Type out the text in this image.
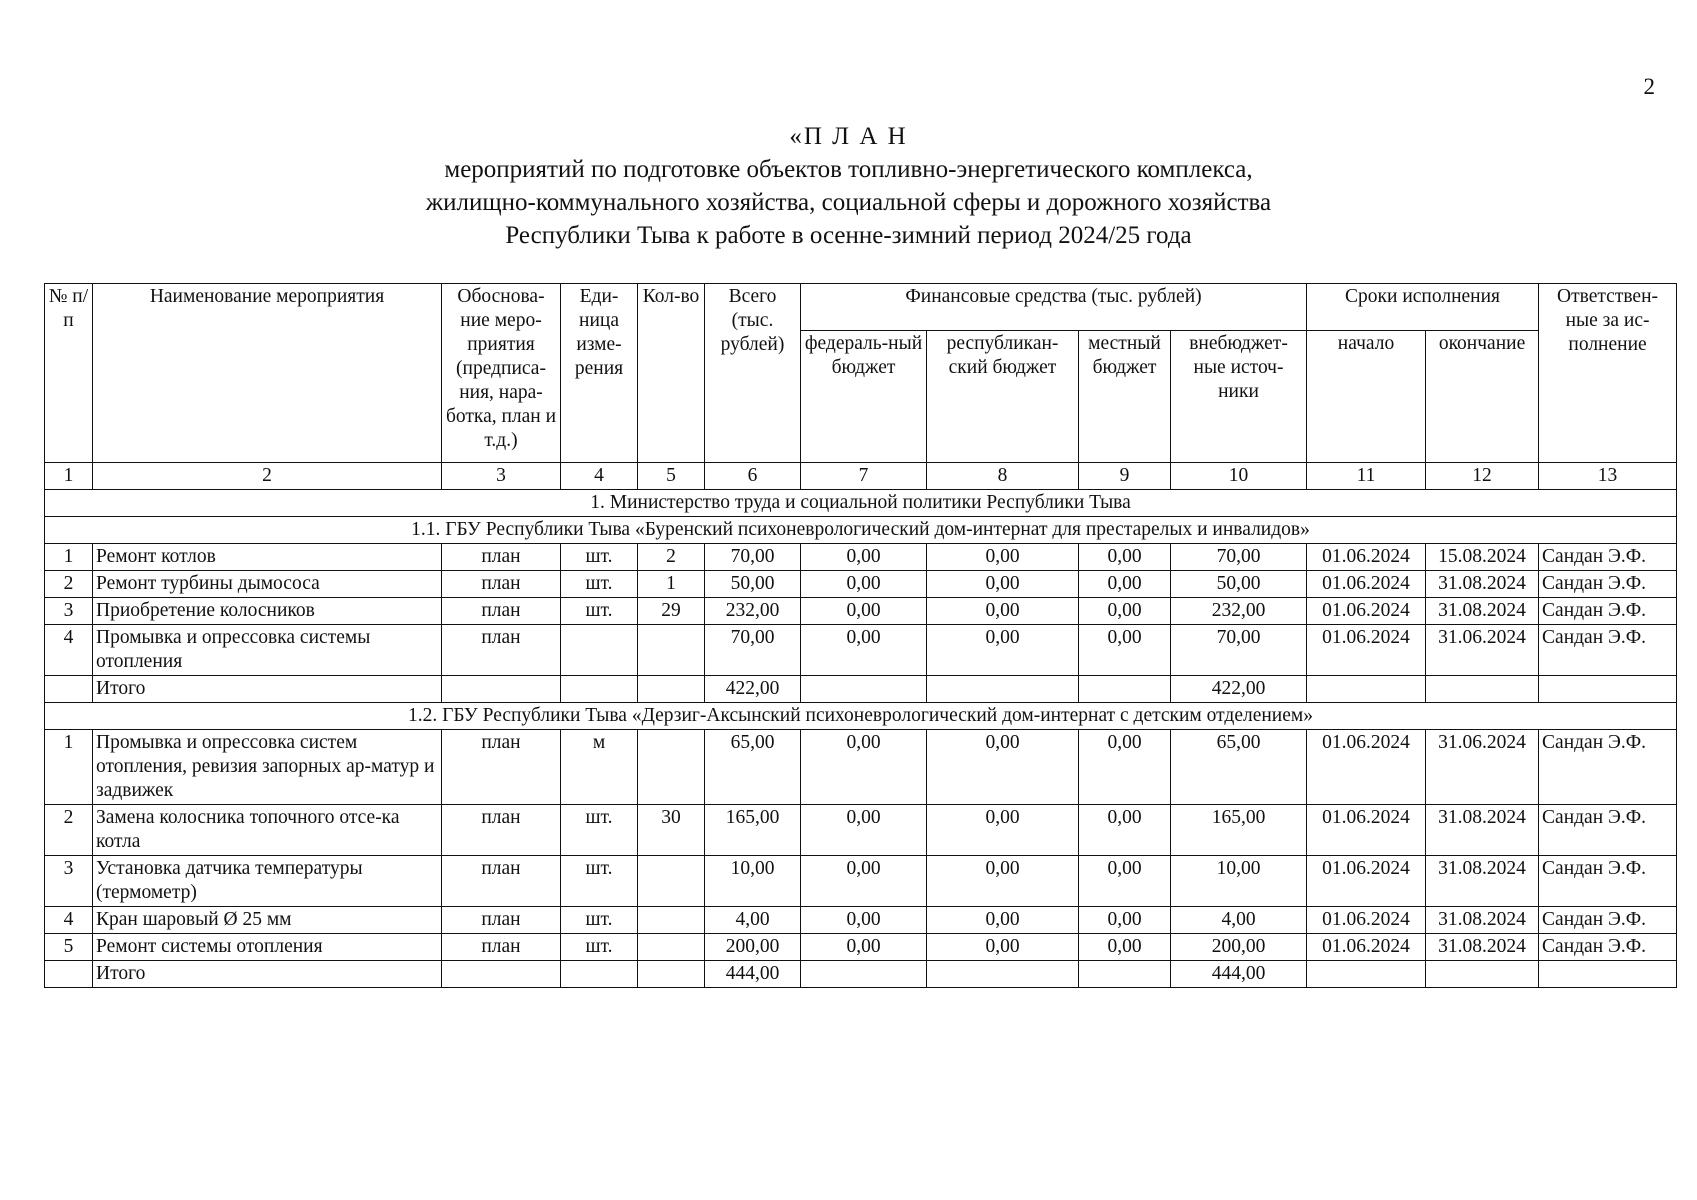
2
«П Л А Н
мероприятий по подготовке объектов топливно-энергетического комплекса,
жилищно-коммунального хозяйства, социальной сферы и дорожного хозяйства
Республики Тыва к работе в осенне-зимний период 2024/25 года
№ п/п	Наименование мероприятия	Обоснова-ние меро-приятия (предписа-ния, нара-ботка, план и т.д.)	Еди-ница изме-рения	Кол-во	Всего (тыс. рублей)	Финансовые средства (тыс. рублей)				Сроки исполнения		Ответствен-ные за ис-полнение
						федераль-ный бюджет	республикан-ский бюджет	местный бюджет	внебюджет-ные источ-ники	начало	окончание	
1	2	3	4	5	6	7	8	9	10	11	12	13
1. Министерство труда и социальной политики Республики Тыва												
1.1. ГБУ Республики Тыва «Буренский психоневрологический дом-интернат для престарелых и инвалидов»												
1	Ремонт котлов	план	шт.	2	70,00	0,00	0,00	0,00	70,00	01.06.2024	15.08.2024	Сандан Э.Ф.
2	Ремонт турбины дымососа	план	шт.	1	50,00	0,00	0,00	0,00	50,00	01.06.2024	31.08.2024	Сандан Э.Ф.
3	Приобретение колосников	план	шт.	29	232,00	0,00	0,00	0,00	232,00	01.06.2024	31.08.2024	Сандан Э.Ф.
4	Промывка и опрессовка системы отопления	план			70,00	0,00	0,00	0,00	70,00	01.06.2024	31.06.2024	Сандан Э.Ф.
	Итого				422,00				422,00			
1.2. ГБУ Республики Тыва «Дерзиг-Аксынский психоневрологический дом-интернат с детским отделением»												
1	Промывка и опрессовка систем отопления, ревизия запорных ар-матур и задвижек	план	м		65,00	0,00	0,00	0,00	65,00	01.06.2024	31.06.2024	Сандан Э.Ф.
2	Замена колосника топочного отсе-ка котла	план	шт.	30	165,00	0,00	0,00	0,00	165,00	01.06.2024	31.08.2024	Сандан Э.Ф.
3	Установка датчика температуры (термометр)	план	шт.		10,00	0,00	0,00	0,00	10,00	01.06.2024	31.08.2024	Сандан Э.Ф.
4	Кран шаровый Ø 25 мм	план	шт.		4,00	0,00	0,00	0,00	4,00	01.06.2024	31.08.2024	Сандан Э.Ф.
5	Ремонт системы отопления	план	шт.		200,00	0,00	0,00	0,00	200,00	01.06.2024	31.08.2024	Сандан Э.Ф.
	Итого				444,00				444,00			
